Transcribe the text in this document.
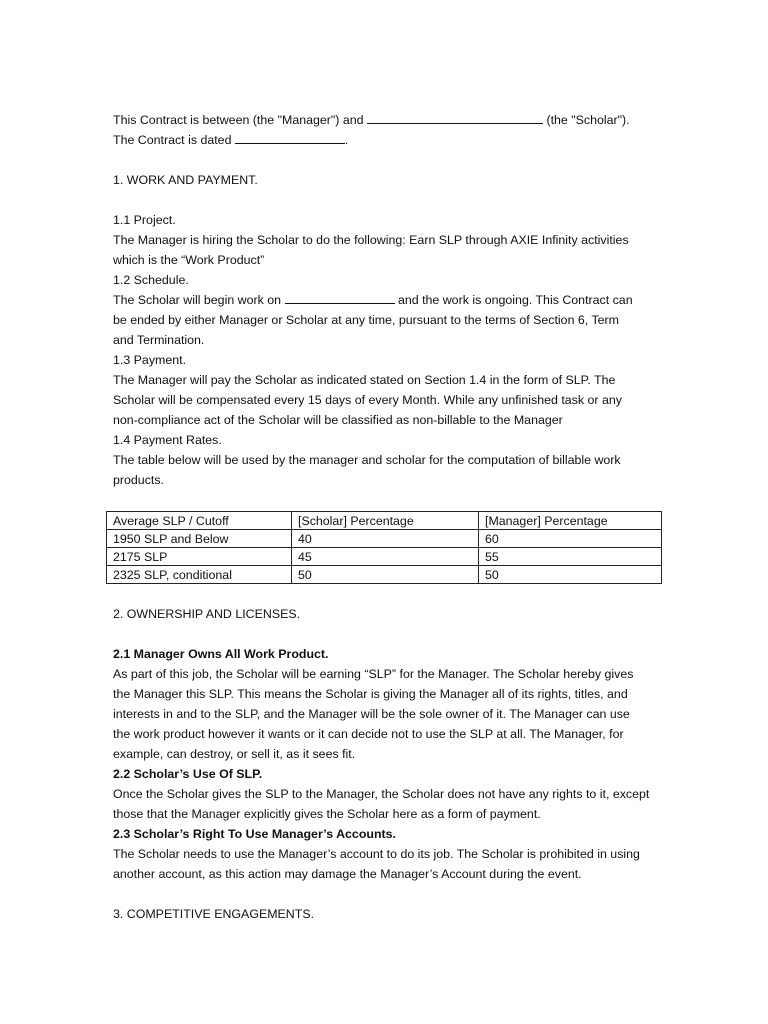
This Contract is between (the "Manager") and	(the "Scholar").
The Contract is dated	.
1. WORK AND PAYMENT.
1.1 Project.
The Manager is hiring the Scholar to do the following: Earn SLP through AXIE Infinity activities
which is the “Work Product”
1.2 Schedule.
The Scholar will begin work on	and the work is ongoing. This Contract can
be ended by either Manager or Scholar at any time, pursuant to the terms of Section 6, Term
and Termination.
1.3 Payment.
The Manager will pay the Scholar as indicated stated on Section 1.4 in the form of SLP. The
Scholar will be compensated every 15 days of every Month. While any unfinished task or any
non-compliance act of the Scholar will be classified as non-billable to the Manager
1.4 Payment Rates.
The table below will be used by the manager and scholar for the computation of billable work
products.
Average SLP / Cutoff	[Scholar] Percentage	[Manager] Percentage
1950 SLP and Below	40	60
2175 SLP	45	55
2325 SLP, conditional	50	50
2. OWNERSHIP AND LICENSES.
2.1 Manager Owns All Work Product.
As part of this job, the Scholar will be earning “SLP” for the Manager. The Scholar hereby gives
the Manager this SLP. This means the Scholar is giving the Manager all of its rights, titles, and
interests in and to the SLP, and the Manager will be the sole owner of it. The Manager can use
the work product however it wants or it can decide not to use the SLP at all. The Manager, for
example, can destroy, or sell it, as it sees fit.
2.2 Scholar’s Use Of SLP.
Once the Scholar gives the SLP to the Manager, the Scholar does not have any rights to it, except
those that the Manager explicitly gives the Scholar here as a form of payment.
2.3 Scholar’s Right To Use Manager’s Accounts.
The Scholar needs to use the Manager’s account to do its job. The Scholar is prohibited in using
another account, as this action may damage the Manager’s Account during the event.
3. COMPETITIVE ENGAGEMENTS.
